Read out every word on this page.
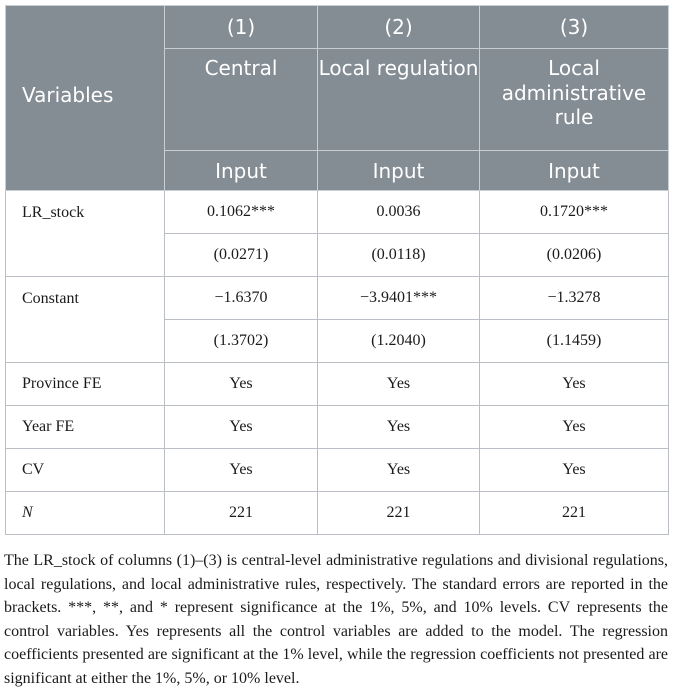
Variables	(1)	(2)	(3)
	Central	Local regulation	Local administrative rule
	Input	Input	Input
LR_stock	0.1062***	0.0036	0.1720***
	(0.0271)	(0.0118)	(0.0206)
Constant	−1.6370	−3.9401***	−1.3278
	(1.3702)	(1.2040)	(1.1459)
Province FE	Yes	Yes	Yes
Year FE	Yes	Yes	Yes
CV	Yes	Yes	Yes
N	221	221	221

The LR_stock of columns (1)–(3) is central-level administrative regulations and divisional regulations, local regulations, and local administrative rules, respectively. The standard errors are reported in the brackets. ***, **, and * represent significance at the 1%, 5%, and 10% levels. CV represents the control variables. Yes represents all the control variables are added to the model. The regression coefficients presented are significant at the 1% level, while the regression coefficients not presented are significant at either the 1%, 5%, or 10% level.
